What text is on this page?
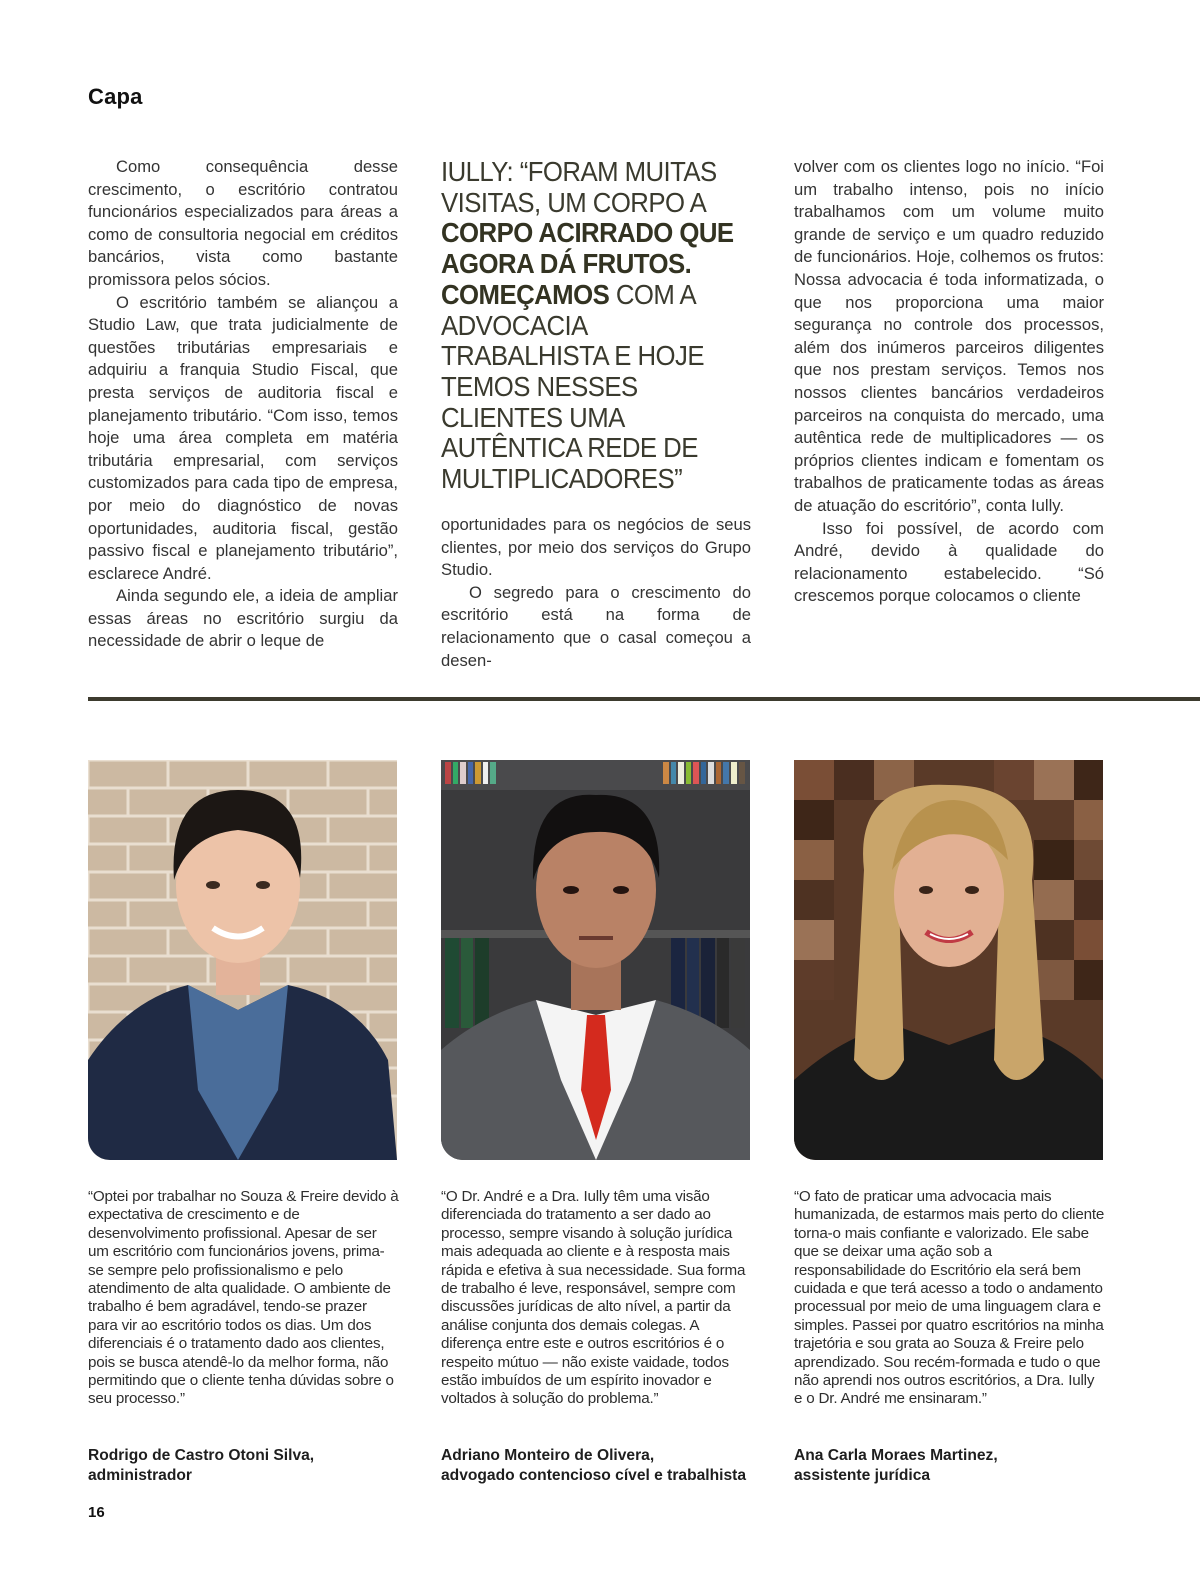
Capa

Como consequência desse crescimento, o escritório contratou funcionários especializados para áreas a como de consultoria negocial em créditos bancários, vista como bastante promissora pelos sócios.

O escritório também se aliançou a Studio Law, que trata judicialmente de questões tributárias empresariais e adquiriu a franquia Studio Fiscal, que presta serviços de auditoria fiscal e planejamento tributário. “Com isso, temos hoje uma área completa em matéria tributária empresarial, com serviços customizados para cada tipo de empresa, por meio do diagnóstico de novas oportunidades, auditoria fiscal, gestão passivo fiscal e planejamento tributário”, esclarece André.

Ainda segundo ele, a ideia de ampliar essas áreas no escritório surgiu da necessidade de abrir o leque de

IULLY: “FORAM MUITAS VISITAS, UM CORPO A CORPO ACIRRADO QUE AGORA DÁ FRUTOS. COMEÇAMOS COM A ADVOCACIA TRABALHISTA E HOJE TEMOS NESSES CLIENTES UMA AUTÊNTICA REDE DE MULTIPLICADORES”

oportunidades para os negócios de seus clientes, por meio dos serviços do Grupo Studio.

O segredo para o crescimento do escritório está na forma de relacionamento que o casal começou a desen-

volver com os clientes logo no início. “Foi um trabalho intenso, pois no início trabalhamos com um volume muito grande de serviço e um quadro reduzido de funcionários. Hoje, colhemos os frutos: Nossa advocacia é toda informatizada, o que nos proporciona uma maior segurança no controle dos processos, além dos inúmeros parceiros diligentes que nos prestam serviços. Temos nos nossos clientes bancários verdadeiros parceiros na conquista do mercado, uma autêntica rede de multiplicadores — os próprios clientes indicam e fomentam os trabalhos de praticamente todas as áreas de atuação do escritório”, conta Iully.

Isso foi possível, de acordo com André, devido à qualidade do relacionamento estabelecido. “Só crescemos porque colocamos o cliente

“Optei por trabalhar no Souza & Freire devido à expectativa de crescimento e de desenvolvimento profissional. Apesar de ser um escritório com funcionários jovens, prima-se sempre pelo profissionalismo e pelo atendimento de alta qualidade. O ambiente de trabalho é bem agradável, tendo-se prazer para vir ao escritório todos os dias. Um dos diferenciais é o tratamento dado aos clientes, pois se busca atendê-lo da melhor forma, não permitindo que o cliente tenha dúvidas sobre o seu processo.”
“O Dr. André e a Dra. Iully têm uma visão diferenciada do tratamento a ser dado ao processo, sempre visando à solução jurídica mais adequada ao cliente e à resposta mais rápida e efetiva à sua necessidade. Sua forma de trabalho é leve, responsável, sempre com discussões jurídicas de alto nível, a partir da análise conjunta dos demais colegas. A diferença entre este e outros escritórios é o respeito mútuo — não existe vaidade, todos estão imbuídos de um espírito inovador e voltados à solução do problema.”
“O fato de praticar uma advocacia mais humanizada, de estarmos mais perto do cliente torna-o mais confiante e valorizado. Ele sabe que se deixar uma ação sob a responsabilidade do Escritório ela será bem cuidada e que terá acesso a todo o andamento processual por meio de uma linguagem clara e simples. Passei por quatro escritórios na minha trajetória e sou grata ao Souza & Freire pelo aprendizado. Sou recém-formada e tudo o que não aprendi nos outros escritórios, a Dra. Iully e o Dr. André me ensinaram.”
Rodrigo de Castro Otoni Silva,
administrador
Adriano Monteiro de Olivera,
advogado contencioso cível e trabalhista
Ana Carla Moraes Martinez,
assistente jurídica
16
